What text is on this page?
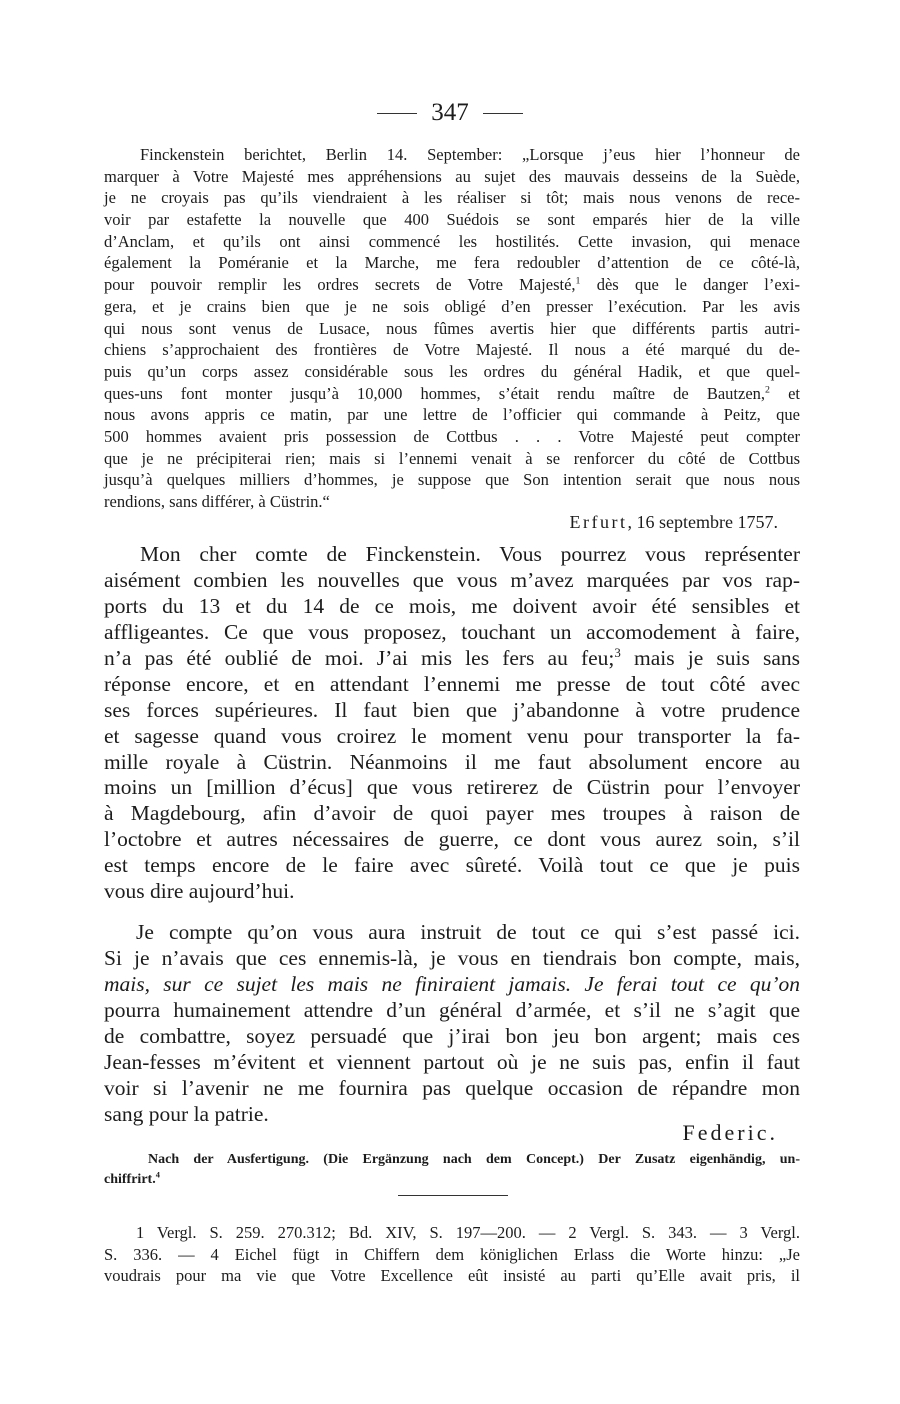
347
Finckenstein berichtet, Berlin 14. September: „Lorsque j’eus hier l’honneur de
marquer à Votre Majesté mes appréhensions au sujet des mauvais desseins de la Suède,
je ne croyais pas qu’ils viendraient à les réaliser si tôt; mais nous venons de rece-
voir par estafette la nouvelle que 400 Suédois se sont emparés hier de la ville
d’Anclam, et qu’ils ont ainsi commencé les hostilités. Cette invasion, qui menace
également la Poméranie et la Marche, me fera redoubler d’attention de ce côté-là,
pour pouvoir remplir les ordres secrets de Votre Majesté,$^1$ dès que le danger l’exi-
gera, et je crains bien que je ne sois obligé d’en presser l’exécution. Par les avis
qui nous sont venus de Lusace, nous fûmes avertis hier que différents partis autri-
chiens s’approchaient des frontières de Votre Majesté. Il nous a été marqué du de-
puis qu’un corps assez considérable sous les ordres du général Hadik, et que quel-
ques-uns font monter jusqu’à 10,000 hommes, s’était rendu maître de Bautzen,$^2$ et
nous avons appris ce matin, par une lettre de l’officier qui commande à Peitz, que
500 hommes avaient pris possession de Cottbus . . . Votre Majesté peut compter
que je ne précipiterai rien; mais si l’ennemi venait à se renforcer du côté de Cottbus
jusqu’à quelques milliers d’hommes, je suppose que Son intention serait que nous nous
rendions, sans différer, à Cüstrin.“
Erfurt, 16 septembre 1757.
Mon cher comte de Finckenstein. Vous pourrez vous représenter
aisément combien les nouvelles que vous m’avez marquées par vos rap-
ports du 13 et du 14 de ce mois, me doivent avoir été sensibles et
affligeantes. Ce que vous proposez, touchant un accomodement à faire,
n’a pas été oublié de moi. J’ai mis les fers au feu;$^3$ mais je suis sans
réponse encore, et en attendant l’ennemi me presse de tout côté avec
ses forces supérieures. Il faut bien que j’abandonne à votre prudence
et sagesse quand vous croirez le moment venu pour transporter la fa-
mille royale à Cüstrin. Néanmoins il me faut absolument encore au
moins un [million d’écus] que vous retirerez de Cüstrin pour l’envoyer
à Magdebourg, afin d’avoir de quoi payer mes troupes à raison de
l’octobre et autres nécessaires de guerre, ce dont vous aurez soin, s’il
est temps encore de le faire avec sûreté. Voilà tout ce que je puis
vous dire aujourd’hui.
Je compte qu’on vous aura instruit de tout ce qui s’est passé ici.
Si je n’avais que ces ennemis-là, je vous en tiendrais bon compte, mais,
mais, sur ce sujet les mais ne finiraient jamais. Je ferai tout ce qu’on
pourra humainement attendre d’un général d’armée, et s’il ne s’agit que
de combattre, soyez persuadé que j’irai bon jeu bon argent; mais ces
Jean-fesses m’évitent et viennent partout où je ne suis pas, enfin il faut
voir si l’avenir ne me fournira pas quelque occasion de répandre mon
sang pour la patrie.
Federic.
Nach der Ausfertigung. (Die Ergänzung nach dem Concept.) Der Zusatz eigenhändig, un-
chiffrirt.$^4$
1 Vergl. S. 259. 270.312; Bd. XIV, S. 197—200. — 2 Vergl. S. 343. — 3 Vergl.
S. 336. — 4 Eichel fügt in Chiffern dem königlichen Erlass die Worte hinzu: „Je
voudrais pour ma vie que Votre Excellence eût insisté au parti qu’Elle avait pris, il
